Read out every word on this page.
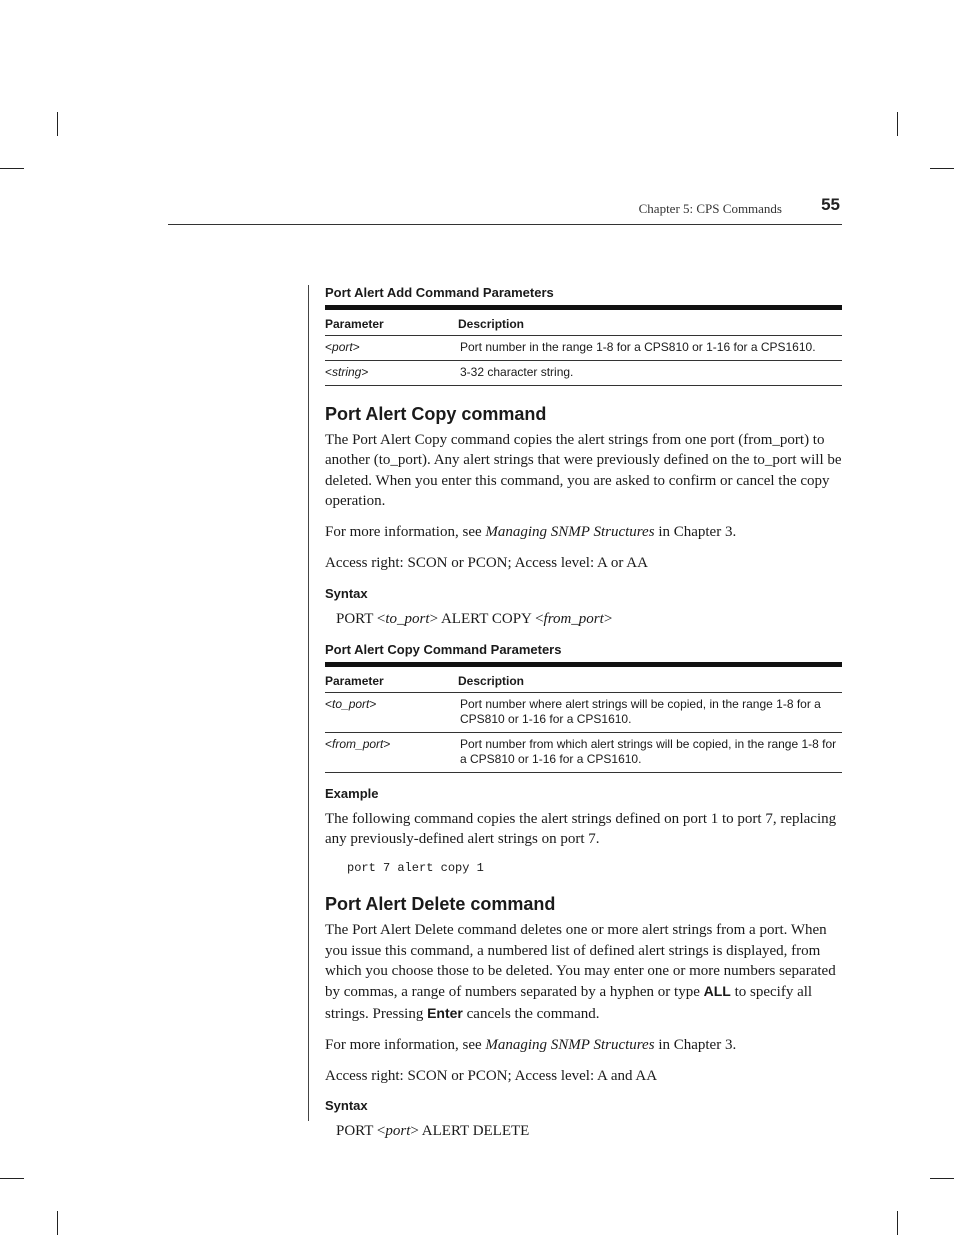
Chapter 5: CPS Commands 55
Port Alert Add Command Parameters
Parameter	Description
<port>	Port number in the range 1-8 for a CPS810 or 1-16 for a CPS1610.
<string>	3-32 character string.
Port Alert Copy command

The Port Alert Copy command copies the alert strings from one port (from_port) to another (to_port). Any alert strings that were previously defined on the to_port will be deleted. When you enter this command, you are asked to confirm or cancel the copy operation.

For more information, see Managing SNMP Structures in Chapter 3.

Access right: SCON or PCON; Access level: A or AA

Syntax
PORT <to_port> ALERT COPY <from_port>
Port Alert Copy Command Parameters
Parameter	Description
<to_port>	Port number where alert strings will be copied, in the range 1-8 for a CPS810 or 1-16 for a CPS1610.
<from_port>	Port number from which alert strings will be copied, in the range 1-8 for a CPS810 or 1-16 for a CPS1610.
Example

The following command copies the alert strings defined on port 1 to port 7, replacing any previously-defined alert strings on port 7.

port 7 alert copy 1
Port Alert Delete command

The Port Alert Delete command deletes one or more alert strings from a port. When you issue this command, a numbered list of defined alert strings is displayed, from which you choose those to be deleted. You may enter one or more numbers separated by commas, a range of numbers separated by a hyphen or type ALL to specify all strings. Pressing Enter cancels the command.

For more information, see Managing SNMP Structures in Chapter 3.

Access right: SCON or PCON; Access level: A and AA

Syntax
PORT <port> ALERT DELETE
